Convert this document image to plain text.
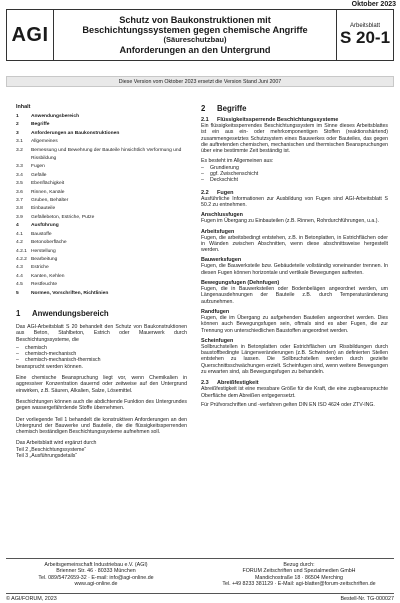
Oktober 2023
AGI
Schutz von Baukonstruktionen mit
Beschichtungssystemen gegen chemische Angriffe
(Säureschutzbau)
Anforderungen an den Untergrund
Arbeitsblatt
S 20-1
Diese Version vom Oktober 2023 ersetzt die Version Stand Juni 2007
Inhalt
1	Anwendungsbereich
2	Begriffe
3	Anforderungen an Baukonstruktionen
3.1	Allgemeines
3.2	Bemessung und Bewehrung der Bauteile hinsichtlich Verformung und Rissbildung
3.3	Fugen
3.4	Gefälle
3.5	Ebenflächigkeit
3.6	Rinnen, Kanäle
3.7	Gruben, Behälter
3.8	Einbauteile
3.9	Gefällebeton, Estriche, Putze
4	Ausführung
4.1	Baustoffe
4.2	Betonoberfläche
4.2.1 Herstellung
4.2.2 Bearbeitung
4.3	Estriche
4.4	Kanten, Kehlen
4.5	Restfeuchte
5	Normen, Vorschriften, Richtlinien
1	Anwendungsbereich

Das AGI-Arbeitsblatt S 20 behandelt den Schutz von Baukonstruktionen aus Beton, Stahlbeton, Estrich oder Mauerwerk durch Beschichtungssysteme, die

–	chemisch
–	chemisch-mechanisch
–	chemisch-mechanisch-thermisch
beansprucht werden können.

Eine chemische Beanspruchung liegt vor, wenn Chemikalien in aggressiver Konzentration dauernd oder zeitweise auf den Untergrund einwirken, z.B. Säuren, Alkalien, Salze, Lösemittel.

Beschichtungen können auch die abdichtende Funktion des Untergrundes gegen wassergefährdende Stoffe übernehmen.

Der vorliegende Teil 1 behandelt die konstruktiven Anforderungen an den Untergrund der Bauwerke und Bauteile, die die flüssigkeitssperrenden chemisch beständigen Beschichtungssysteme aufnehmen soll.

Das Arbeitsblatt wird ergänzt durch
Teil 2 „Beschichtungssysteme“
Teil 3 „Ausführungsdetails“
2	Begriffe
2.1	Flüssigkeitssperrende Beschichtungssysteme

Ein flüssigkeitssperrendes Beschichtungssystem im Sinne dieses Arbeitsblattes ist ein aus ein- oder mehrkomponentigen Stoffen (reaktionshärtend) zusammengesetztes Schutzsystem eines Bauwerkes oder Bauteiles, das gegen die auftretenden chemischen, mechanischen und thermischen Beanspruchungen über eine bestimmte Zeit beständig ist.

Es besteht im Allgemeinen aus:
–	Grundierung
–	ggf. Zwischenschicht
–	Deckschicht
2.2	Fugen

Ausführliche Informationen zur Ausbildung von Fugen sind AGI-Arbeitsblatt S 50.2 zu entnehmen.

Anschlussfugen

Fugen im Übergang zu Einbauteilen (z.B. Rinnen, Rohrdurchführungen, u.a.).

Arbeitsfugen

Fugen, die arbeitsbedingt entstehen, z.B. in Betonplatten, in Estrichflächen oder in Wänden zwischen Abschnitten, wenn diese abschnittsweise hergestellt werden.

Bauwerksfugen

Fugen, die Bauwerksteile bzw. Gebäudeteile vollständig voneinander trennen. In diesen Fugen können horizontale und vertikale Bewegungen auftreten.

Bewegungsfugen (Dehnfugen)

Fugen, die in Bauwerksteilen oder Bodenbelägen angeordnet werden, um Längenausdehnungen der Bauteile z.B. durch Temperaturänderung aufzunehmen.

Randfugen

Fugen, die im Übergang zu aufgehenden Bauteilen angeordnet werden. Dies können auch Bewegungsfugen sein, oftmals sind es aber Fugen, die zur Trennung von unterschiedlichen Baustoffen angeordnet werden.

Scheinfugen

Sollbruchstellen in Betonplatten oder Estrichflächen um Rissbildungen durch baustoffbedingte Längenveränderungen (z.B. Schwinden) an definierten Stellen entstehen zu lassen. Die Sollbruchstellen werden durch gezielte Querschnittsschwächungen erzielt. Scheinfugen sind, wenn weitere Bewegungen zu erwarten sind, als Bewegungsfugen zu behandeln.

2.3	Abreißfestigkeit

Abreißfestigkeit ist eine messbare Größe für die Kraft, die eine zugbeanspruchte Oberfläche dem Abreißen entgegensetzt.

Für Prüfvorschriften und -verfahren gelten DIN EN ISO 4624 oder ZTV-ING.

Arbeitsgemeinschaft Industriebau e.V. (AGI)
Brienner Str. 46 · 80333 München
Tel. 089/5472659-32 · E-mail: info@agi-online.de
www.agi-online.de
Bezug durch:
FORUM Zeitschriften und Spezialmedien GmbH
Mandichostraße 18 · 86504 Merching
Tel. +49 8233 381129 · E-Mail: agi-blatter@forum-zeitschriften.de
© AGI/FORUM, 2023	Bestell-Nr. TG-000027
